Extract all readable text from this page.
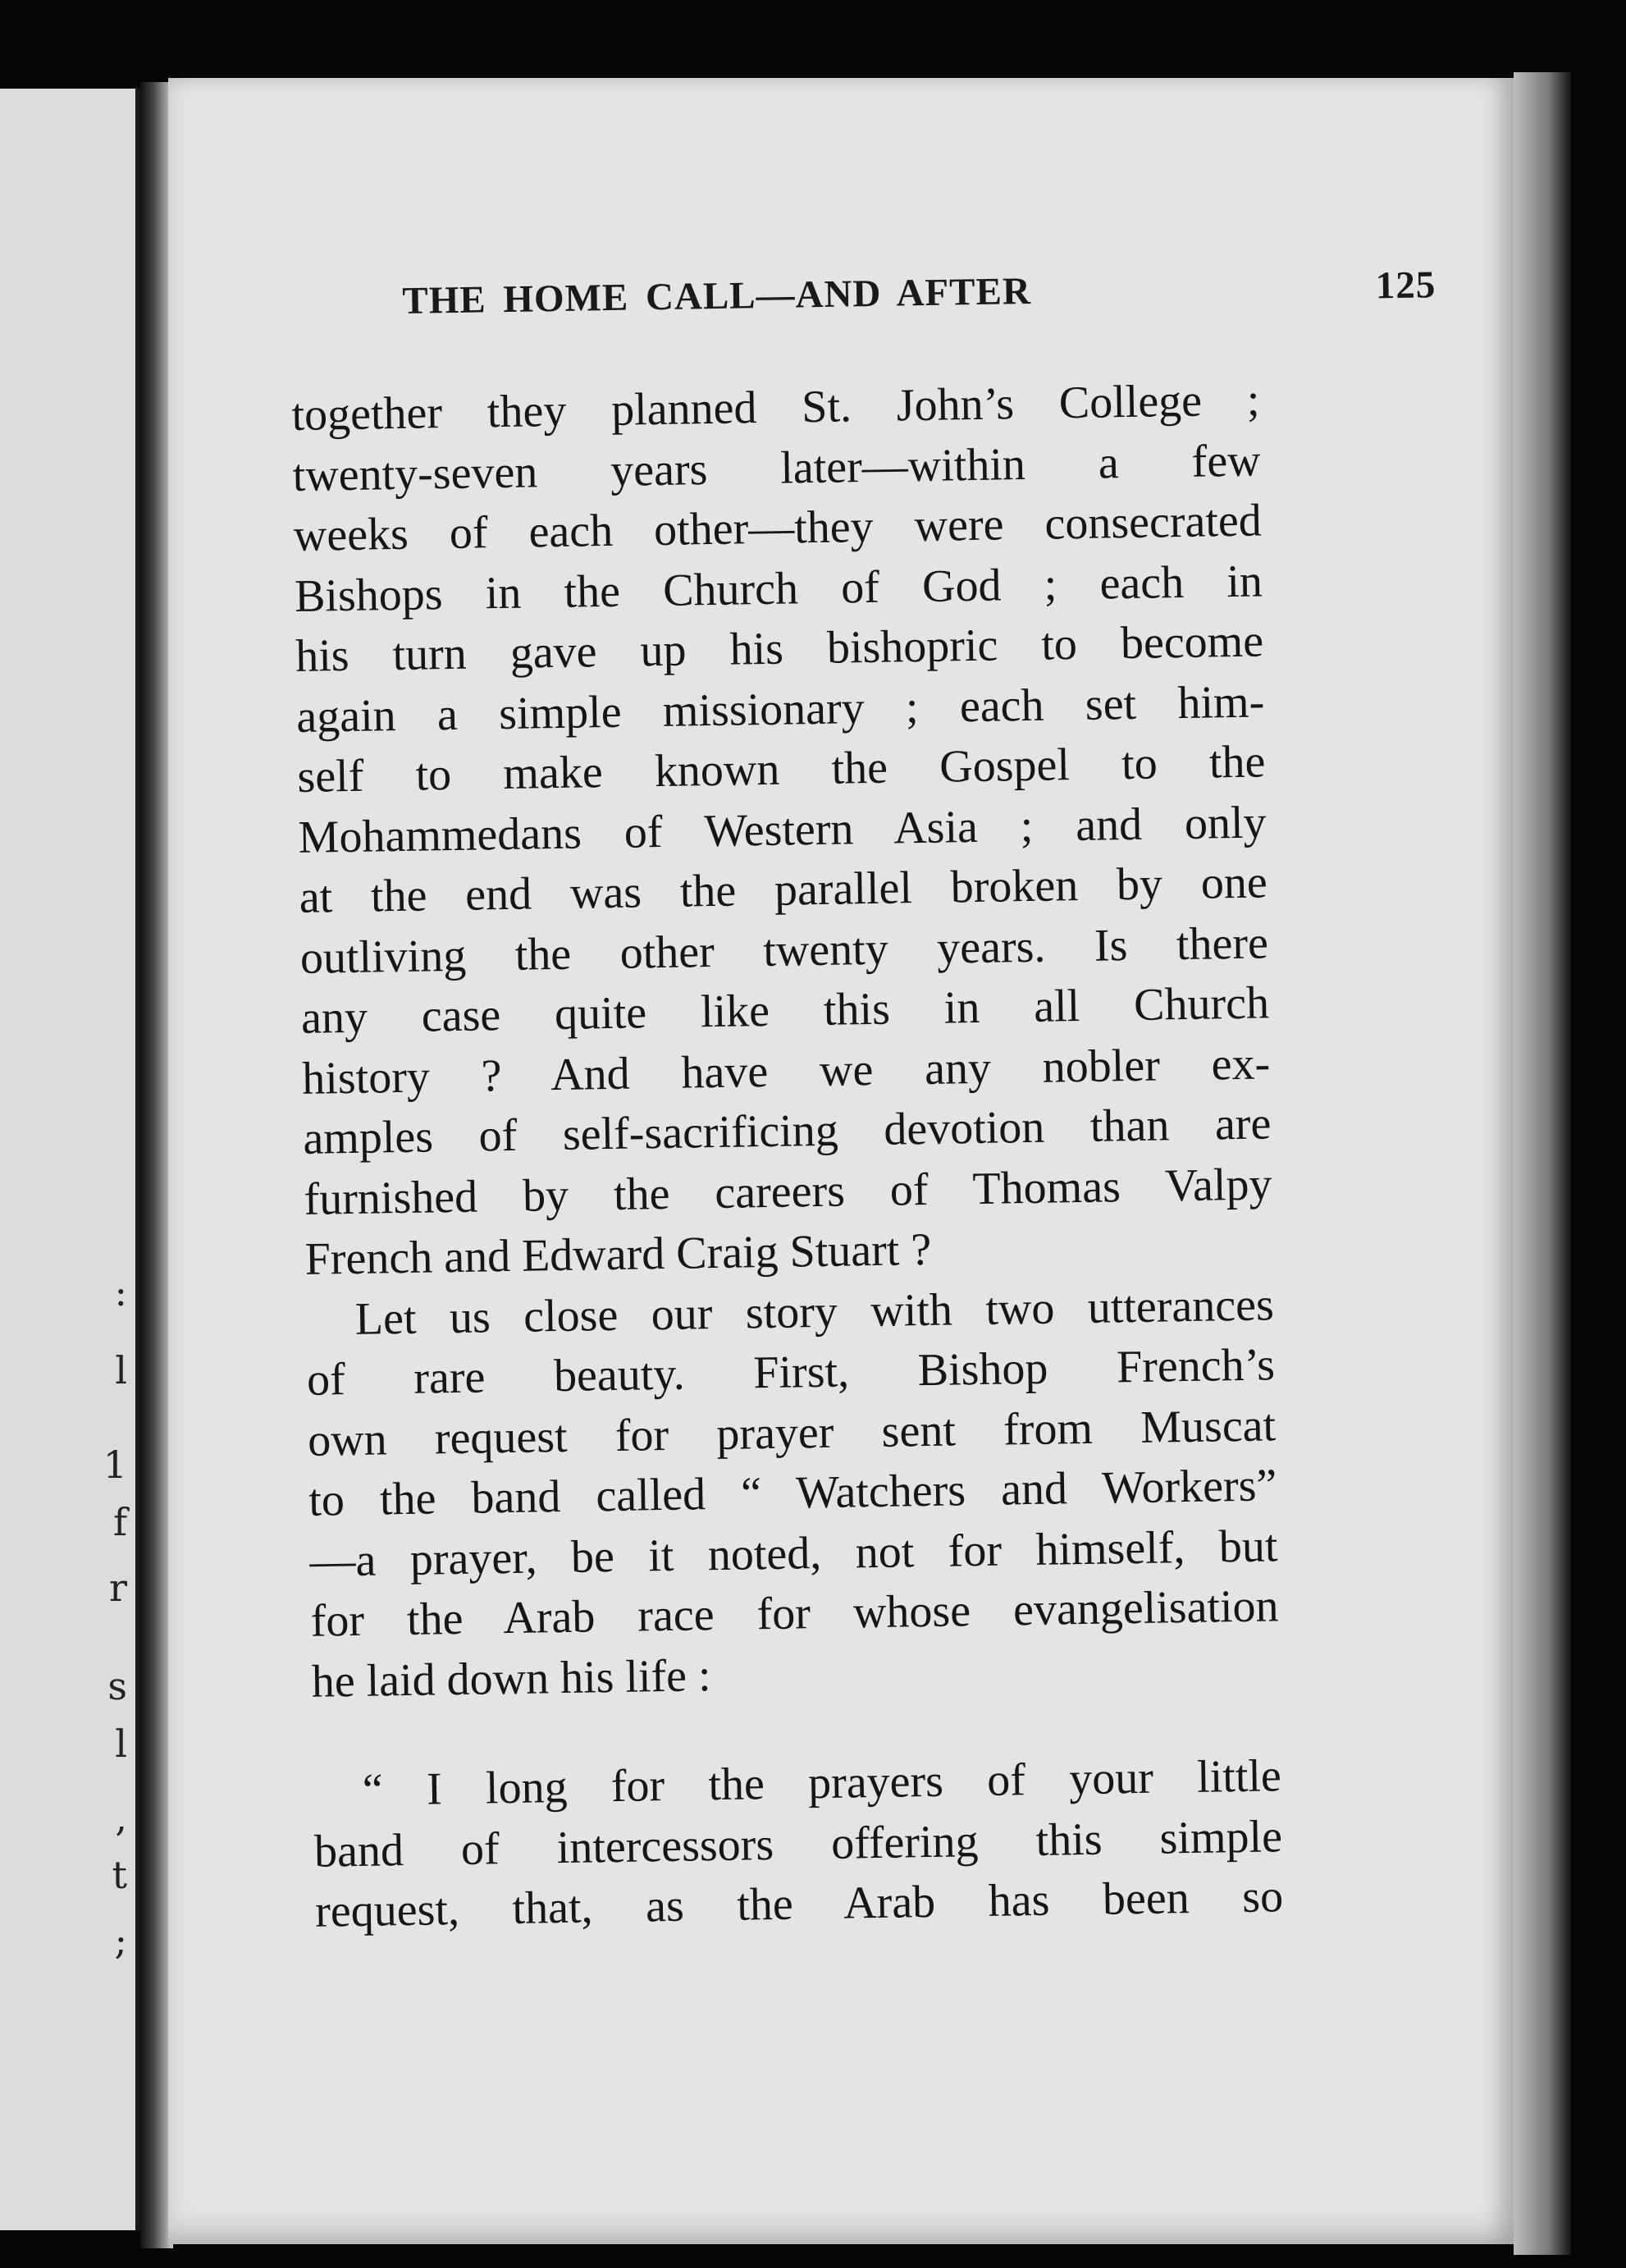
:
l
1
f
r
s
l
,
t
;
THE HOME CALL—AND AFTER	125
together they planned St. John’s College ;
twenty-seven years later—within a few
weeks of each other—they were consecrated
Bishops in the Church of God ; each in
his turn gave up his bishopric to become
again a simple missionary ; each set him-
self to make known the Gospel to the
Mohammedans of Western Asia ; and only
at the end was the parallel broken by one
outliving the other twenty years. Is there
any case quite like this in all Church
history ? And have we any nobler ex-
amples of self-sacrificing devotion than are
furnished by the careers of Thomas Valpy
French and Edward Craig Stuart ?
Let us close our story with two utterances
of rare beauty. First, Bishop French’s
own request for prayer sent from Muscat
to the band called “ Watchers and Workers”
—a prayer, be it noted, not for himself, but
for the Arab race for whose evangelisation
he laid down his life :
“ I long for the prayers of your little
band of intercessors offering this simple
request, that, as the Arab has been so
